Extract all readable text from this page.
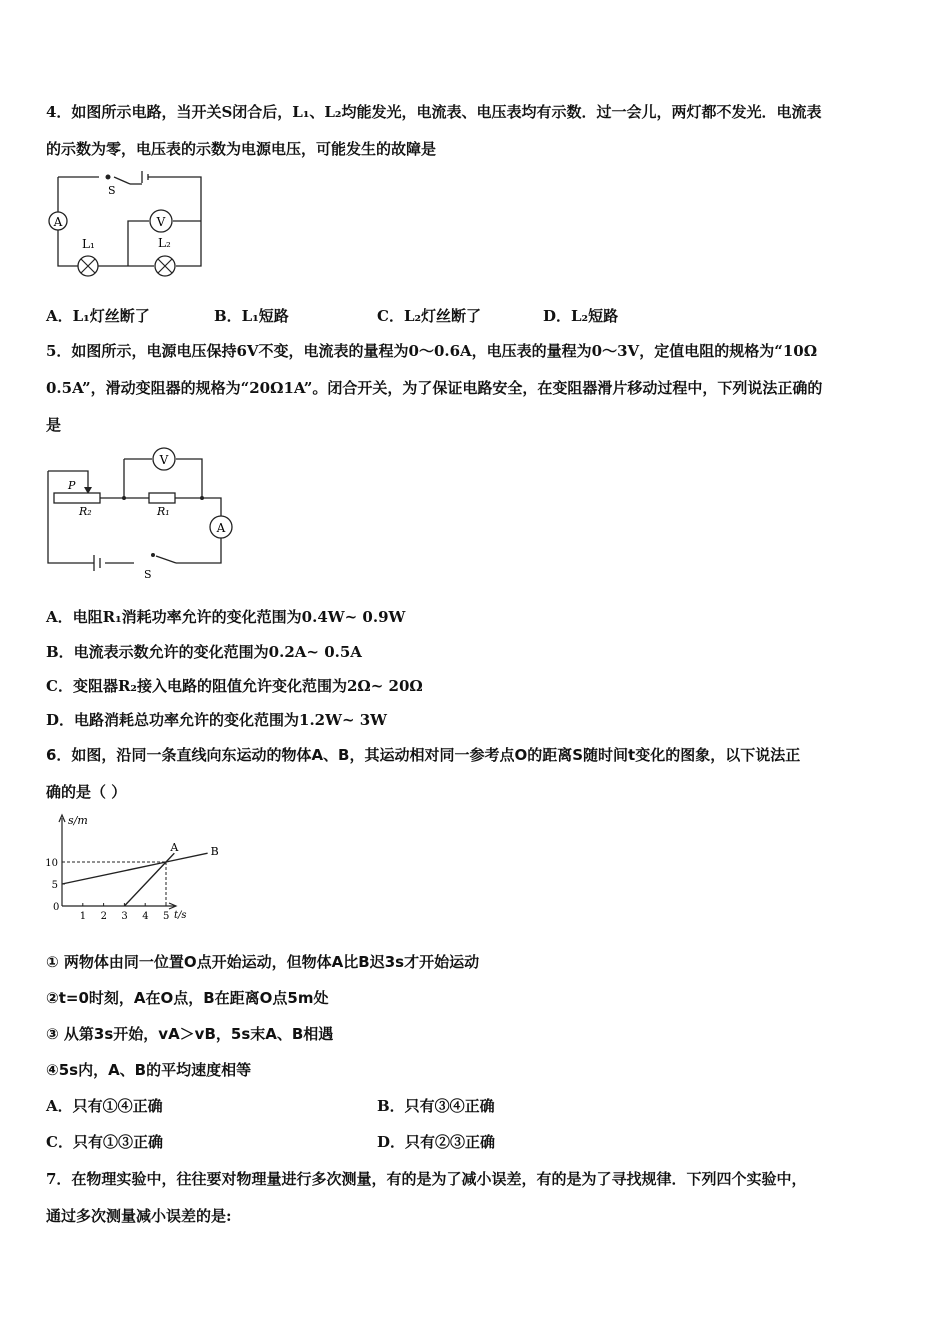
4．如图所示电路，当开关S闭合后，L₁、L₂均能发光，电流表、电压表均有示数．过一会儿，两灯都不发光．电流表
的示数为零，电压表的示数为电源电压，可能发生的故障是
A	V
S
L₁	L₂
A．L₁灯丝断了	B．L₁短路	C．L₂灯丝断了	D．L₂短路
5．如图所示，电源电压保持6V不变，电流表的量程为0～0.6A，电压表的量程为0～3V，定值电阻的规格为“10Ω
0.5A”，滑动变阻器的规格为“20Ω1A”。闭合开关，为了保证电路安全，在变阻器滑片移动过程中，下列说法正确的
是
V
A
P
R₂	R₁
S
A．电阻R₁消耗功率允许的变化范围为0.4W~ 0.9W
B．电流表示数允许的变化范围为0.2A~ 0.5A
C．变阻器R₂接入电路的阻值允许变化范围为2Ω~ 20Ω
D．电路消耗总功率允许的变化范围为1.2W~ 3W
6．如图，沿同一条直线向东运动的物体A、B，其运动相对同一参考点O的距离S随时间t变化的图象，以下说法正
确的是（ ）
s/m
t/s
0
1 2 3 4 5
5
10
A	B
① 两物体由同一位置O点开始运动，但物体A比B迟3s才开始运动
②t=0时刻，A在O点，B在距离O点5m处
③ 从第3s开始，vA＞vB，5s末A、B相遇
④5s内，A、B的平均速度相等
A．只有①④正确	B．只有③④正确
C．只有①③正确	D．只有②③正确
7．在物理实验中，往往要对物理量进行多次测量，有的是为了减小误差，有的是为了寻找规律．下列四个实验中，
通过多次测量减小误差的是:
